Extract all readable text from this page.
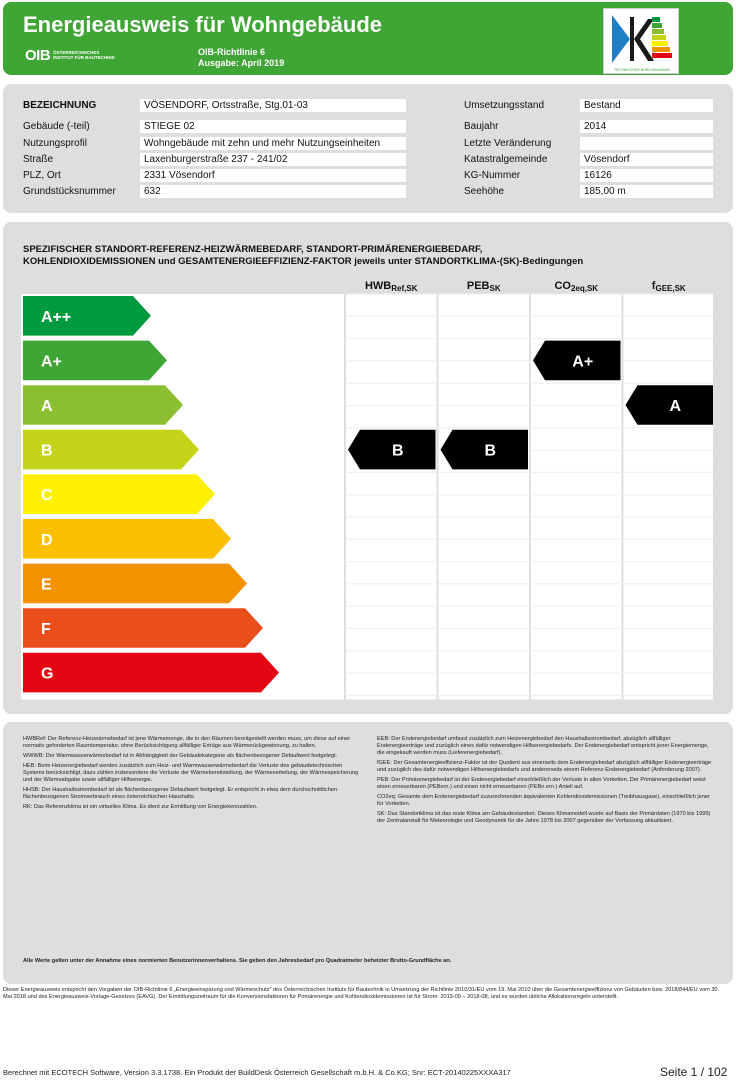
Energieausweis für Wohngebäude
OIB ÖSTERREICHISCHES
INSTITUT FÜR BAUTECHNIK
OIB-Richtlinie 6
Ausgabe: April 2019
TECHNISCHES BÜRO BAUMANN
BEZEICHNUNG	VÖSENDORF, Ortsstraße, Stg.01-03
Gebäude (-teil)	STIEGE 02
Nutzungsprofil	Wohngebäude mit zehn und mehr Nutzungseinheiten
Straße	Laxenburgerstraße 237 - 241/02
PLZ, Ort	2331 Vösendorf
Grundstücksnummer	632
Umsetzungsstand	Bestand
Baujahr	2014
Letzte Veränderung
Katastralgemeinde	Vösendorf
KG-Nummer	16126
Seehöhe	185,00 m
SPEZIFISCHER STANDORT-REFERENZ-HEIZWÄRMEBEDARF, STANDORT-PRIMÄRENERGIEBEDARF,
KOHLENDIOXIDEMISSIONEN und GESAMTENERGIEEFFIZIENZ-FAKTOR jeweils unter STANDORTKLIMA-(SK)-Bedingungen
HWBRef,SK	PEBSK	CO2eq,SK	fGEE,SK
A++
A+
A
B
C
D
E
F
G
B	B
A+
A

HWBRef: Der Referenz-Heizwärmebedarf ist jene Wärmemenge, die in den Räumen bereitgestellt werden muss, um diese auf einer normativ geforderten Raumtemperatur, ohne Berücksichtigung allfälliger Erträge aus Wärmerückgewinnung, zu halten.

WWWB: Der Warmwasserwärmebedarf ist in Abhängigkeit der Gebäudekategorie als flächenbezogener Defaultwert festgelegt.

HEB: Beim Heizenergiebedarf werden zusätzlich zum Heiz- und Warmwasserwärmebedarf die Verluste des gebäudetechnischen Systems berücksichtigt, dazu zählen insbesondere die Verluste der Wärmebereitstellung, der Wärmeverteilung, der Wärmespeicherung und der Wärmeabgabe sowie allfälliger Hilfsenergie.

HHSB: Der Haushaltsstrombedarf ist als flächenbezogener Defaultwert festgelegt. Er entspricht in etwa dem durchschnittlichen flächenbezogenen Stromverbrauch eines österreichischen Haushalts.

RK: Das Referenzklima ist ein virtuelles Klima. Es dient zur Ermittlung von Energiekennzahlen.

EEB: Der Endenergiebedarf umfasst zusätzlich zum Heizenergiebedarf den Haushaltsstrombedarf, abzüglich allfälliger Endenergieerträge und zuzüglich eines dafür notwendigen Hilfsenergiebedarfs. Der Endenergiebedarf entspricht jener Energiemenge, die eingekauft werden muss (Lieferenergiebedarf).

fGEE: Der Gesamtenergieeffizienz-Faktor ist der Quotient aus einerseits dem Endenergiebedarf abzüglich allfälliger Endenergieerträge und zuzüglich des dafür notwendigen Hilfsenergiebedarfs und andererseits einem Referenz-Endenergiebedarf (Anforderung 2007).

PEB: Der Primärenergiebedarf ist der Endenergiebedarf einschließlich der Verluste in allen Vorketten. Der Primärenergiebedarf weist einen erneuerbaren (PEBern.) und einen nicht erneuerbaren (PEBn.ern.) Anteil auf.

CO2eq: Gesamte dem Endenergiebedarf zuzurechnenden äquivalenten Kohlendioxidemissionen (Treibhausgase), einschließlich jener für Vorketten.

SK: Das Standortklima ist das reale Klima am Gebäudestandort. Dieses Klimamodell wurde auf Basis der Primärdaten (1970 bis 1999) der Zentralanstalt für Meteorologie und Geodynamik für die Jahre 1978 bis 2007 gegenüber der Vorfassung aktualisiert.

Alle Werte gelten unter der Annahme eines normierten Benutzerinnenverhaltens. Sie geben den Jahresbedarf pro Quadratmeter beheizter Brutto-Grundfläche an.
Dieser Energieausweis entspricht den Vorgaben der OIB-Richtlinie 6 „Energieeinsparung und Wärmeschutz" des Österreichischen Instituts für Bautechnik in Umsetzung der Richtlinie 2010/31/EU vom 19. Mai 2010 über die Gesamtenergieeffizienz von Gebäuden bzw. 2018/844/EU vom 30. Mai 2018 und des Energieausweis-Vorlage-Gesetzes (EAVG). Der Ermittlungszeitraum für die Konversionsfaktoren für Primärenergie und Kohlendioxidemissionen ist für Strom: 2013-09 – 2018-08, und es wurden übliche Allokationsregeln unterstellt.
Berechnet mit ECOTECH Software, Version 3.3.1738. Ein Produkt der BuildDesk Österreich Gesellschaft m.b.H. & Co.KG; Snr: ECT-20140225XXXA317	Seite 1 / 102
